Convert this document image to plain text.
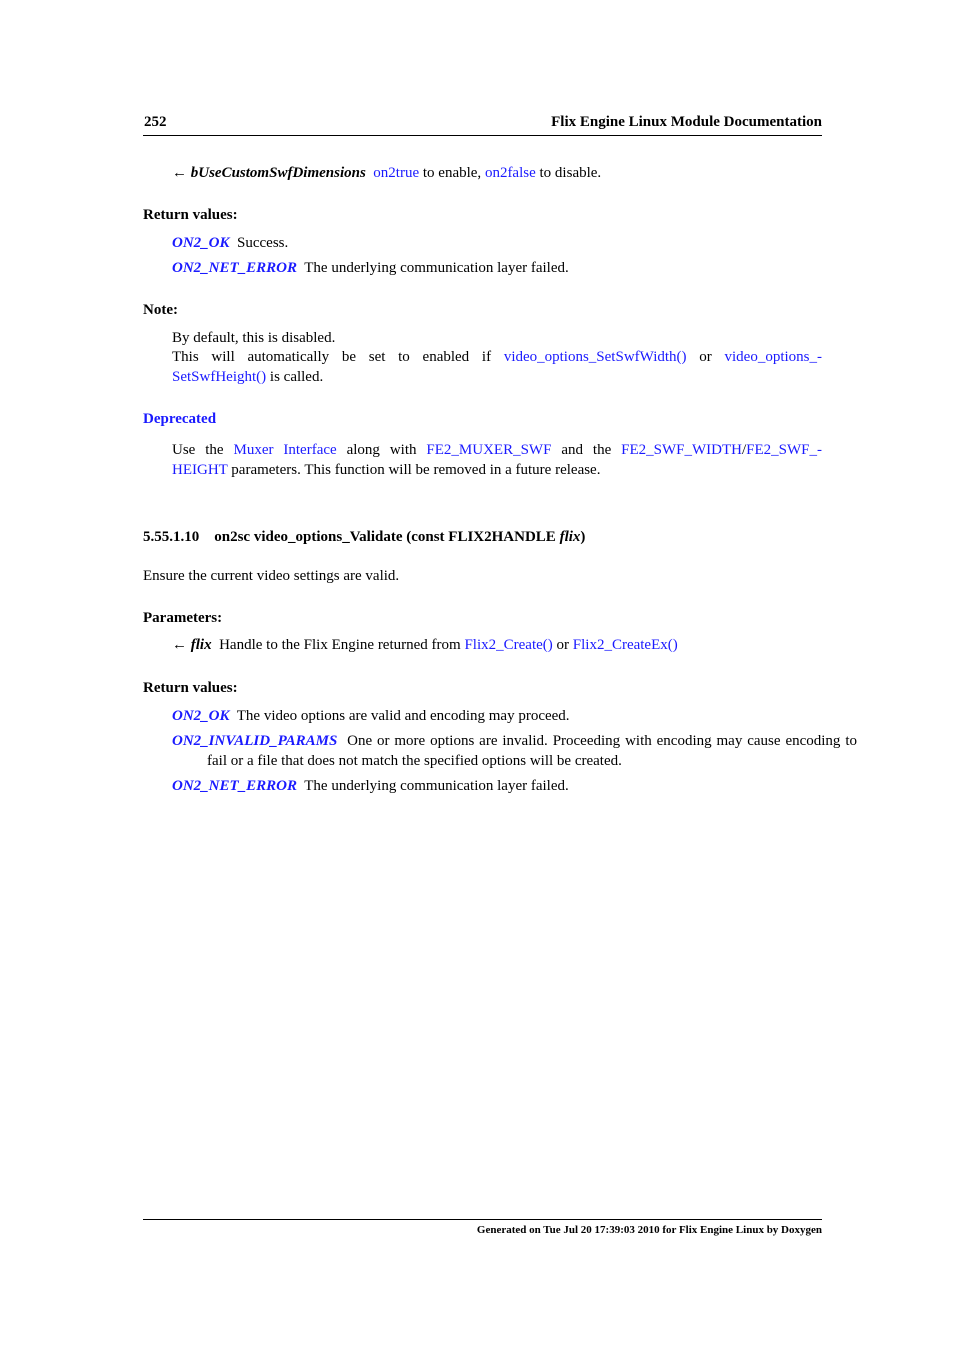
252	Flix Engine Linux Module Documentation
← bUseCustomSwfDimensions on2true to enable, on2false to disable.
Return values:
ON2_OK Success.
ON2_NET_ERROR The underlying communication layer failed.
Note:
By default, this is disabled.
This will automatically be set to enabled if video_options_SetSwfWidth() or video_options_-SetSwfHeight() is called.
Deprecated
Use the Muxer Interface along with FE2_MUXER_SWF and the FE2_SWF_WIDTH/FE2_SWF_-HEIGHT parameters. This function will be removed in a future release.
5.55.1.10 on2sc video_options_Validate (const FLIX2HANDLE flix)
Ensure the current video settings are valid.
Parameters:
← flix Handle to the Flix Engine returned from Flix2_Create() or Flix2_CreateEx()
Return values:
ON2_OK The video options are valid and encoding may proceed.
ON2_INVALID_PARAMS One or more options are invalid. Proceeding with encoding may cause encoding to fail or a file that does not match the specified options will be created.
ON2_NET_ERROR The underlying communication layer failed.
Generated on Tue Jul 20 17:39:03 2010 for Flix Engine Linux by Doxygen
